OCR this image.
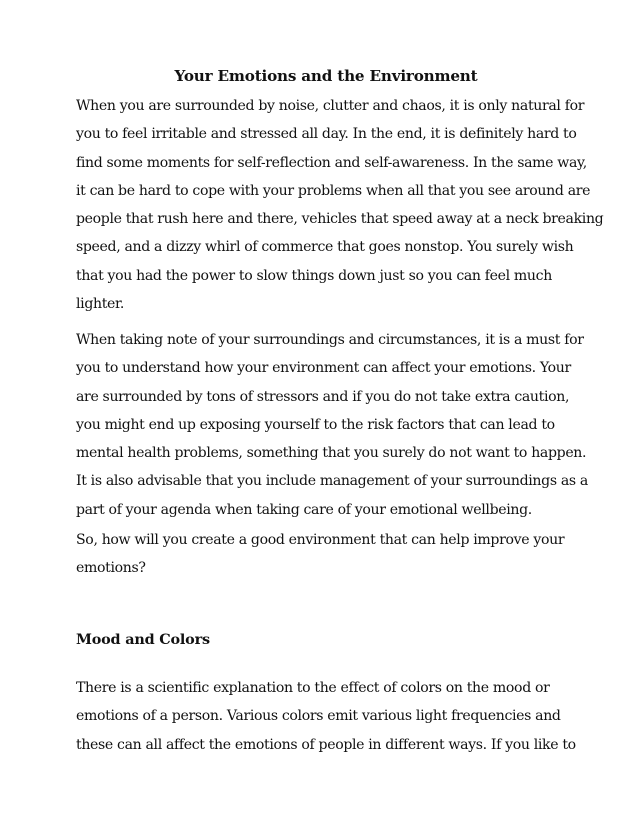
Your Emotions and the Environment

When you are surrounded by noise, clutter and chaos, it is only natural for
you to feel irritable and stressed all day. In the end, it is definitely hard to
find some moments for self-reflection and self-awareness. In the same way,
it can be hard to cope with your problems when all that you see around are
people that rush here and there, vehicles that speed away at a neck breaking
speed, and a dizzy whirl of commerce that goes nonstop. You surely wish
that you had the power to slow things down just so you can feel much
lighter.

When taking note of your surroundings and circumstances, it is a must for
you to understand how your environment can affect your emotions. Your
are surrounded by tons of stressors and if you do not take extra caution,
you might end up exposing yourself to the risk factors that can lead to
mental health problems, something that you surely do not want to happen.
It is also advisable that you include management of your surroundings as a
part of your agenda when taking care of your emotional wellbeing.

So, how will you create a good environment that can help improve your
emotions?

Mood and Colors

There is a scientific explanation to the effect of colors on the mood or
emotions of a person. Various colors emit various light frequencies and
these can all affect the emotions of people in different ways. If you like to
